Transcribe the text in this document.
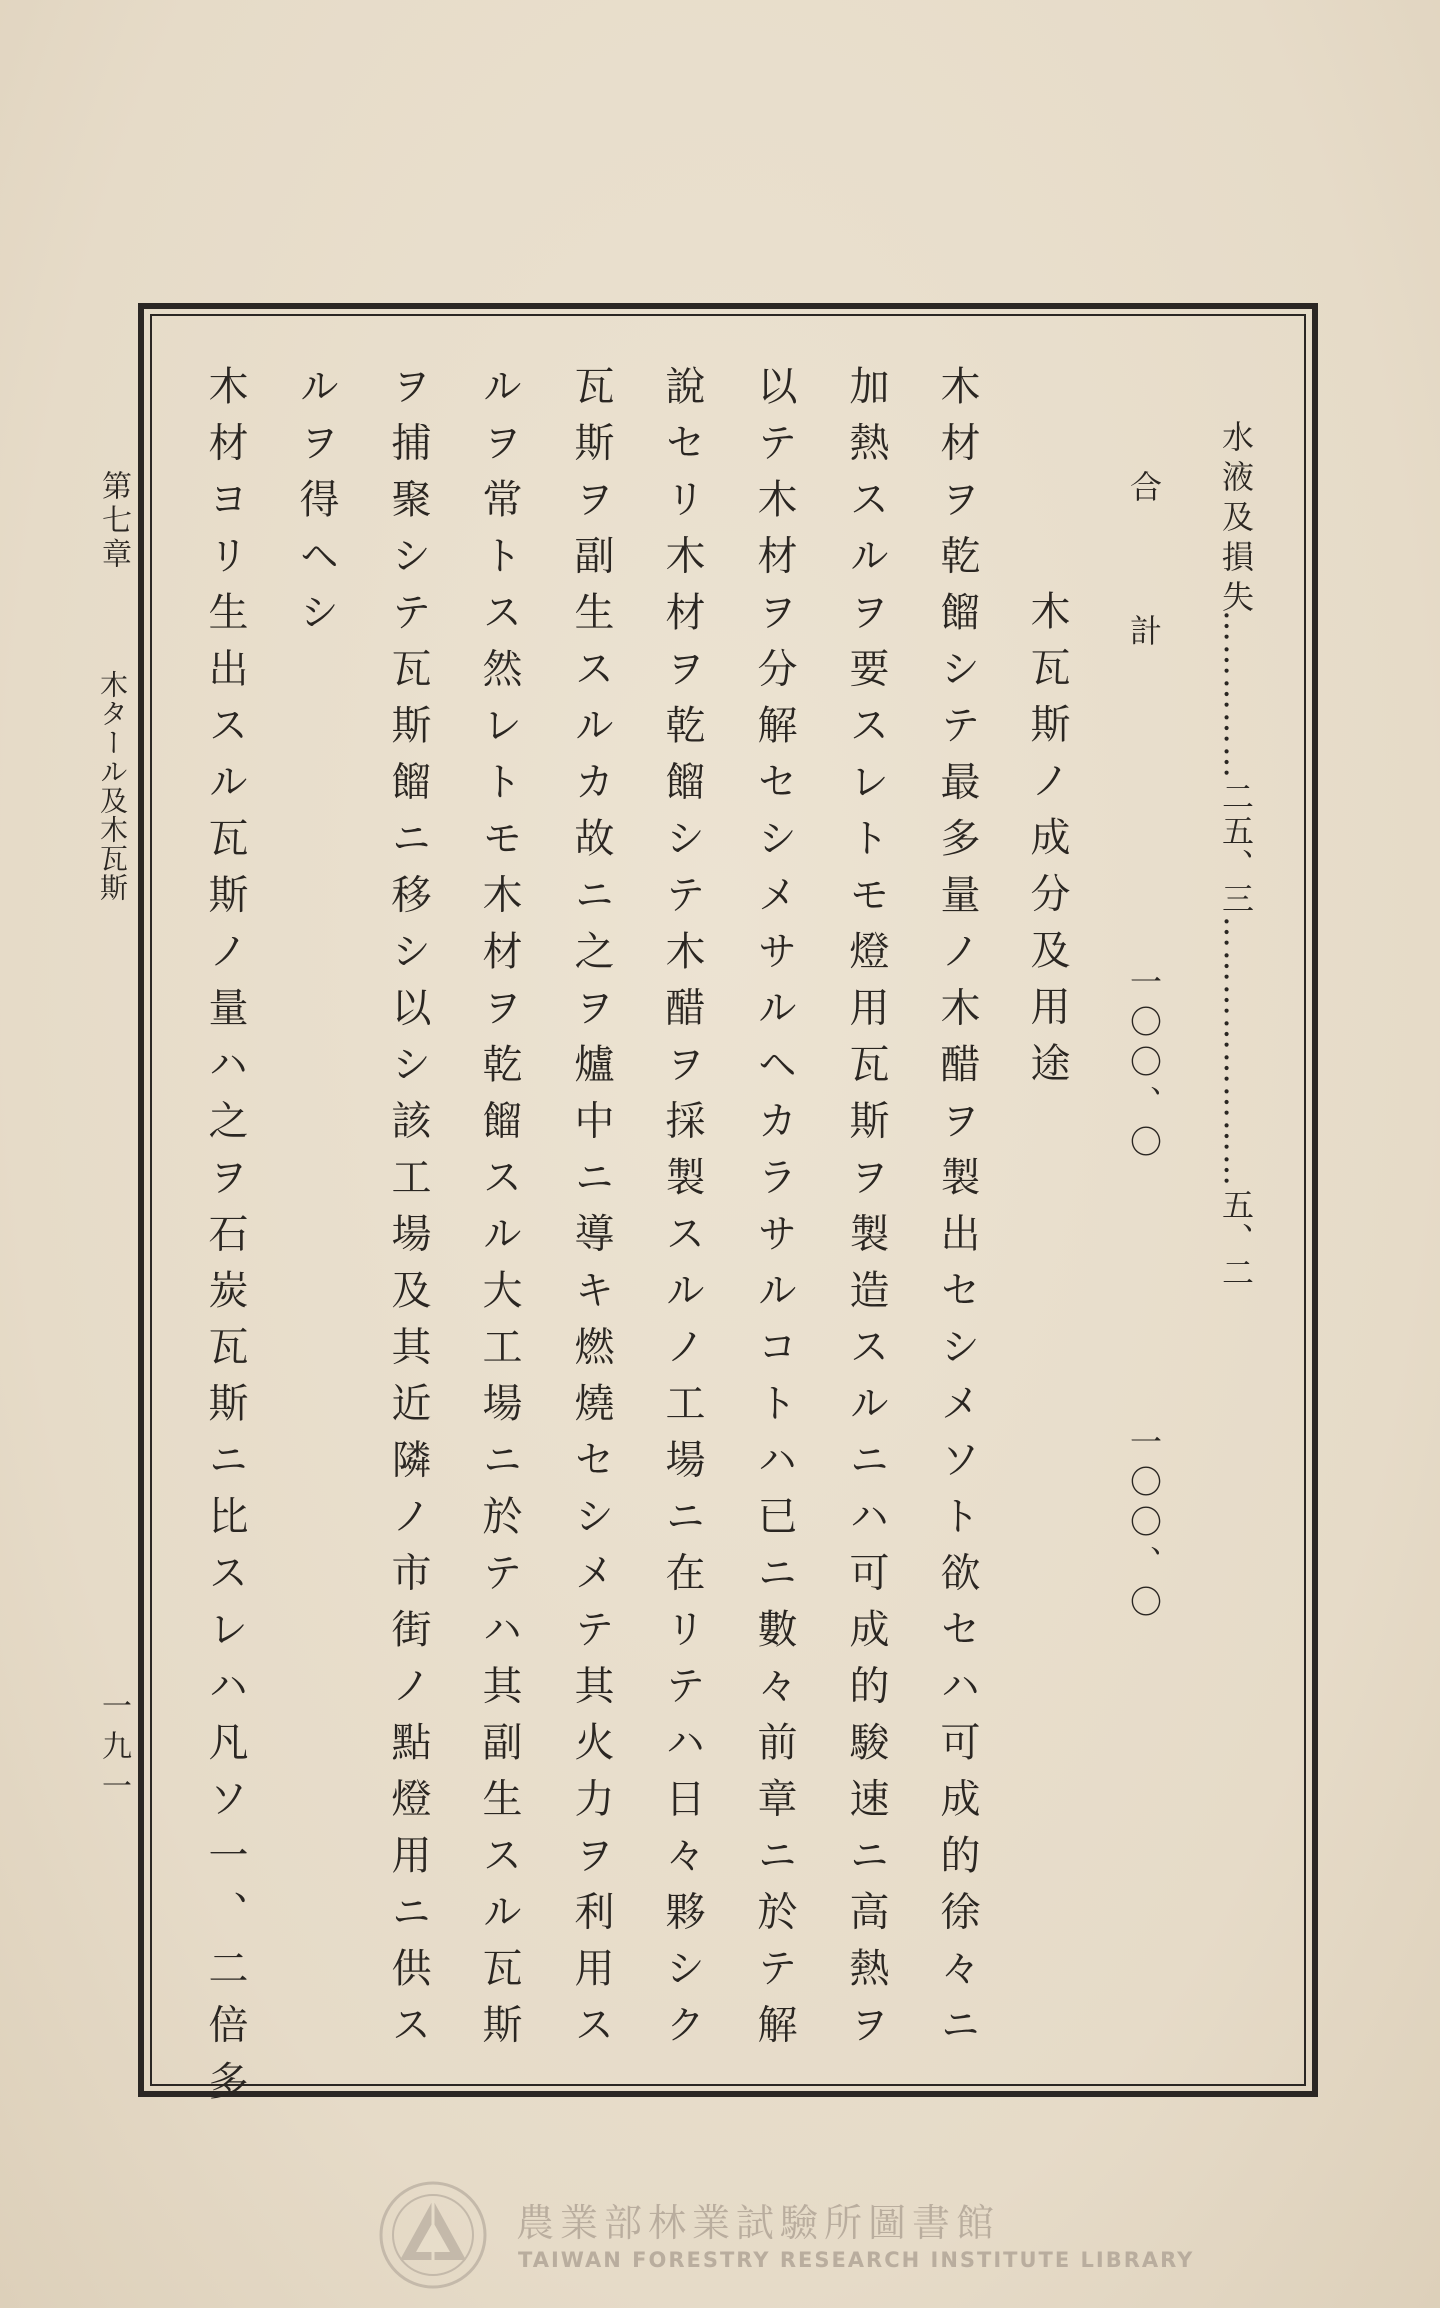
水液及損失
……………二五、三……………………五、二
合　計
一〇〇、〇
一〇〇、〇
木瓦斯ノ成分及用途
木材ヲ乾餾シテ最多量ノ木醋ヲ製出セシメソト欲セハ可成的徐々ニ
加熱スルヲ要スレトモ燈用瓦斯ヲ製造スルニハ可成的駿速ニ高熱ヲ
以テ木材ヲ分解セシメサルヘカラサルコトハ已ニ數々前章ニ於テ解
說セリ木材ヲ乾餾シテ木醋ヲ採製スルノ工場ニ在リテハ日々夥シク
瓦斯ヲ副生スルカ故ニ之ヲ爐中ニ導キ燃燒セシメテ其火力ヲ利用ス
ルヲ常トス然レトモ木材ヲ乾餾スル大工場ニ於テハ其副生スル瓦斯
ヲ捕聚シテ瓦斯餾ニ移シ以シ該工場及其近隣ノ市街ノ點燈用ニ供ス
ルヲ得ヘシ
木材ヨリ生出スル瓦斯ノ量ハ之ヲ石炭瓦斯ニ比スレハ凡ソ一、二倍多
第七章
木タール及木瓦斯
一九一
農業部林業試驗所圖書館
TAIWAN FORESTRY RESEARCH INSTITUTE LIBRARY
